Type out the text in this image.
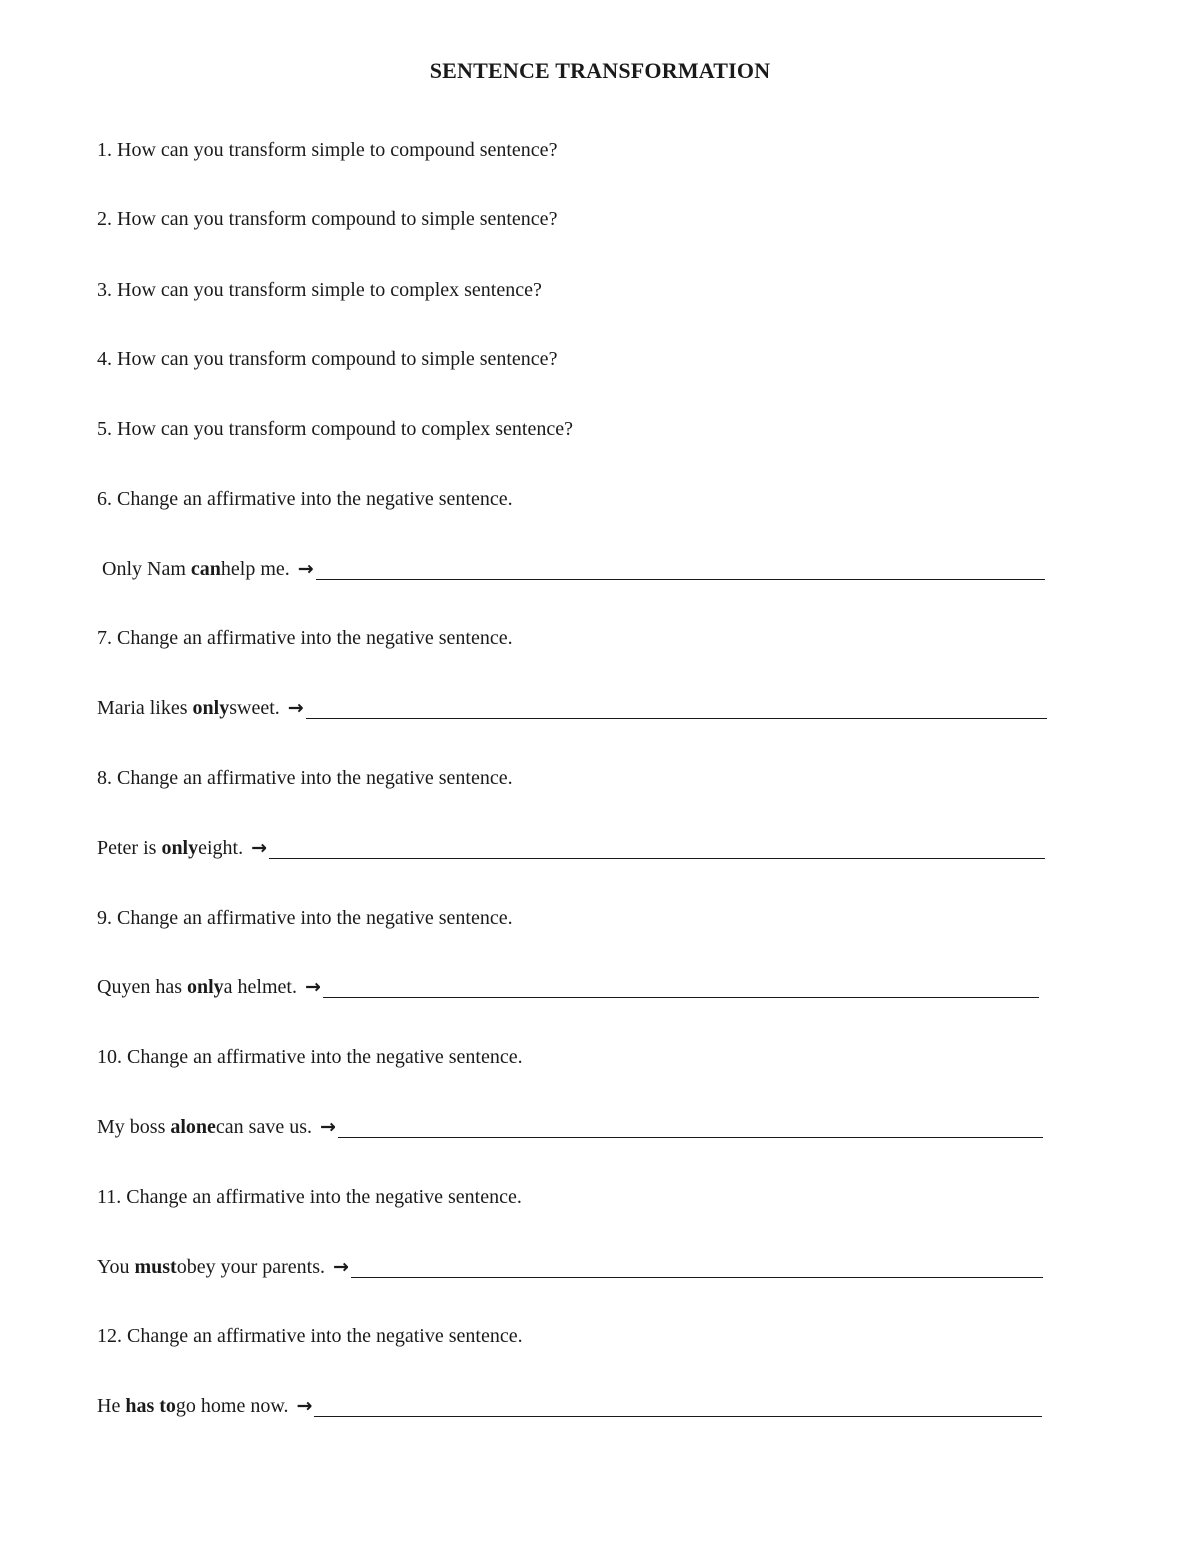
SENTENCE TRANSFORMATION
1. How can you transform simple to compound sentence?
2. How can you transform compound to simple sentence?
3. How can you transform simple to complex sentence?
4. How can you transform compound to simple sentence?
5. How can you transform compound to complex sentence?
6. Change an affirmative into the negative sentence.
Only Nam can help me. →
7. Change an affirmative into the negative sentence.
Maria likes only sweet. →
8. Change an affirmative into the negative sentence.
Peter is only eight. →
9. Change an affirmative into the negative sentence.
Quyen has only a helmet. →
10. Change an affirmative into the negative sentence.
My boss alone can save us. →
11. Change an affirmative into the negative sentence.
You must obey your parents. →
12. Change an affirmative into the negative sentence.
He has to go home now. →
